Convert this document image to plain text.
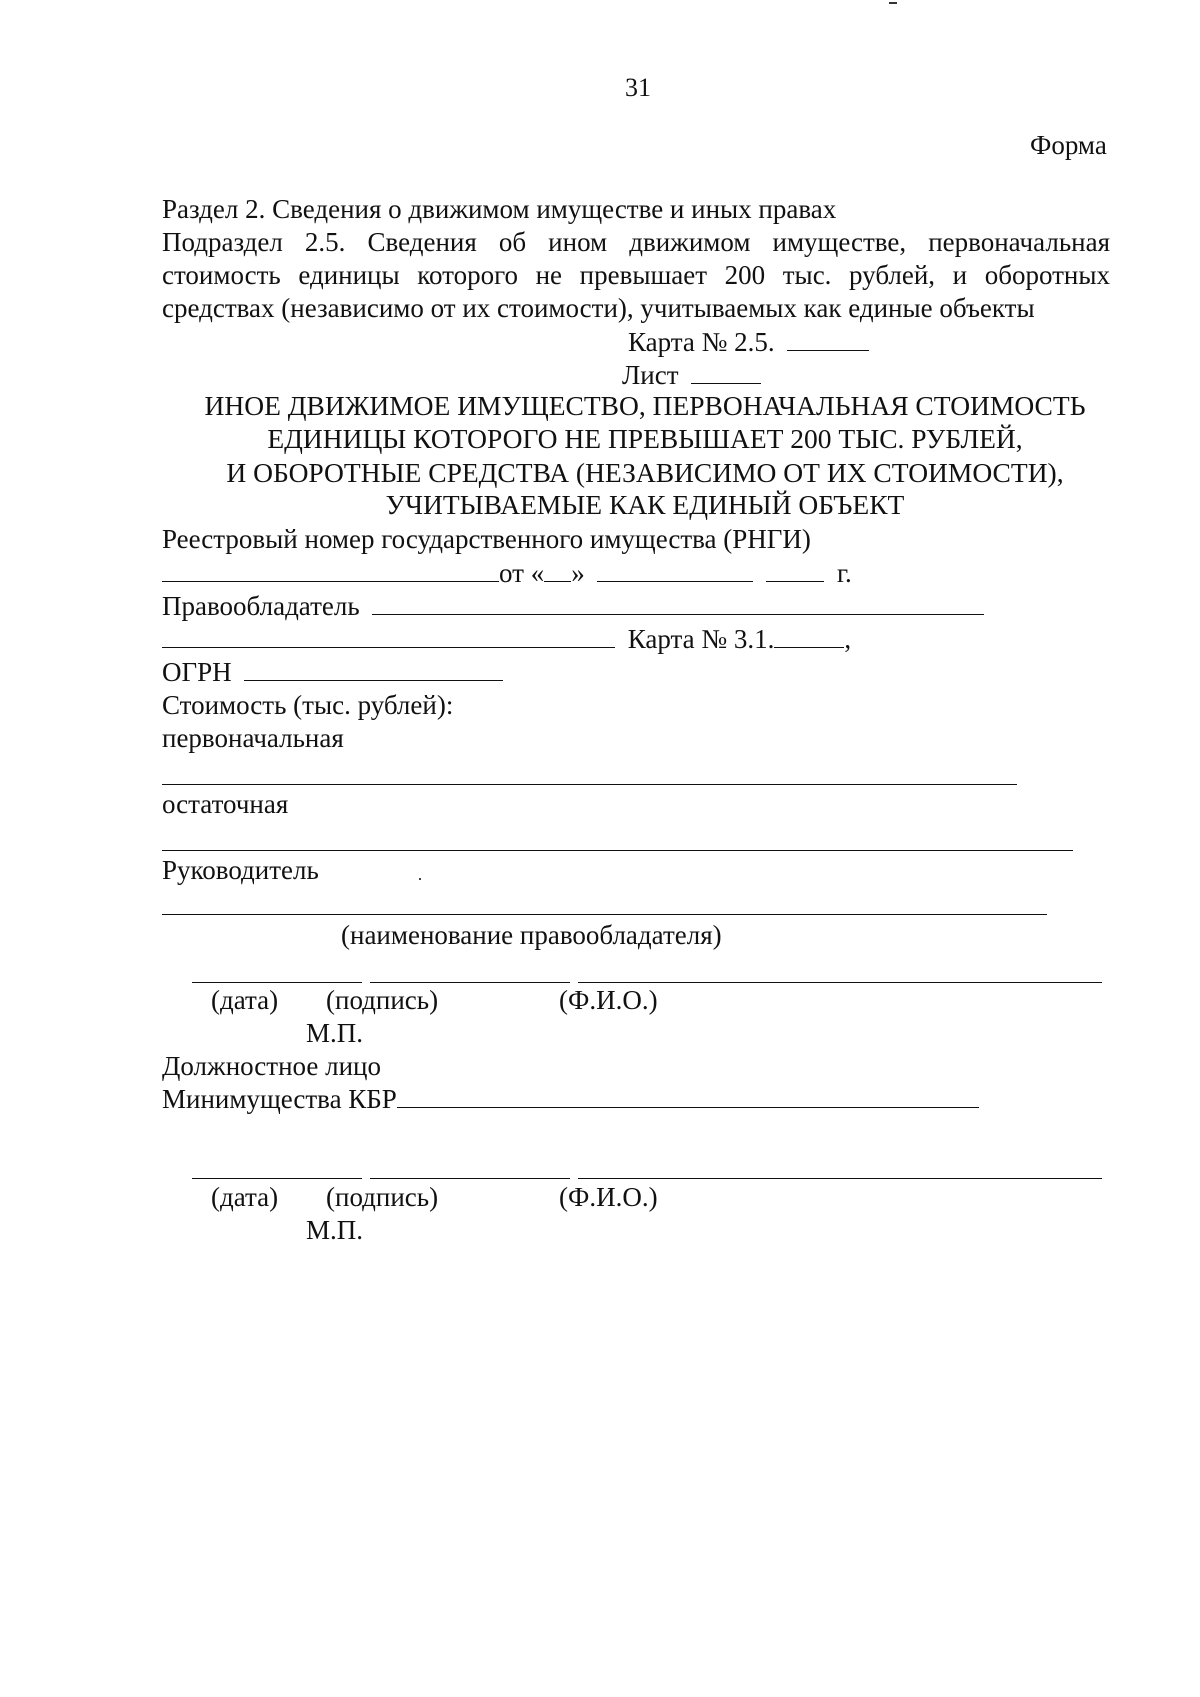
31
Форма
Раздел 2. Сведения о движимом имуществе и иных правах
Подраздел 2.5. Сведения об ином движимом имуществе, первоначальная
стоимость единицы которого не превышает 200 тыс. рублей, и оборотных
средствах (независимо от их стоимости), учитываемых как единые объекты
Карта № 2.5.
Лист
ИНОЕ ДВИЖИМОЕ ИМУЩЕСТВО, ПЕРВОНАЧАЛЬНАЯ СТОИМОСТЬ
ЕДИНИЦЫ КОТОРОГО НЕ ПРЕВЫШАЕТ 200 ТЫС. РУБЛЕЙ,
И ОБОРОТНЫЕ СРЕДСТВА (НЕЗАВИСИМО ОТ ИХ СТОИМОСТИ),
УЧИТЫВАЕМЫЕ КАК ЕДИНЫЙ ОБЪЕКТ
Реестровый номер государственного имущества (РНГИ)
от « »	г.
Правообладатель
Карта № 3.1.	,
ОГРН
Стоимость (тыс. рублей):
первоначальная
остаточная
Руководитель
(наименование правообладателя)
(дата) (подпись)	(Ф.И.О.)
М.П.
Должностное лицо
Минимущества КБР
(дата) (подпись)	(Ф.И.О.)
М.П.
